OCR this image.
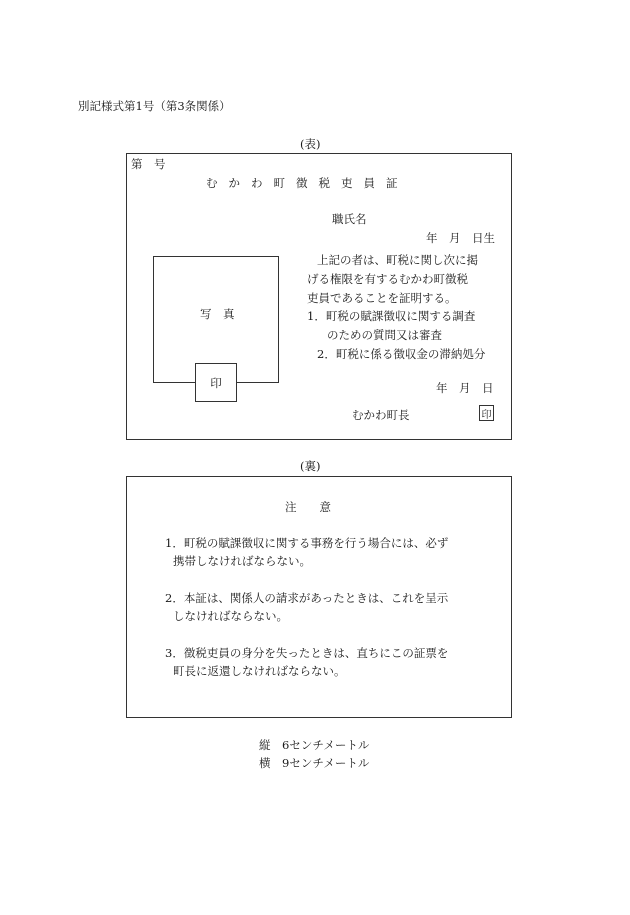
別記様式第1号（第3条関係）
(表)
第　号
むかわ町徴税吏員証
職氏名
年　月　日生
写　真
印
上記の者は、町税に関し次に掲
げる権限を有するむかわ町徴税
吏員であることを証明する。
1．町税の賦課徴収に関する調査
のための質問又は審査
2．町税に係る徴収金の滞納処分
年　月　日
むかわ町長	印
(裏)
注　　意
1．町税の賦課徴収に関する事務を行う場合には、必ず
携帯しなければならない。
2．本証は、関係人の請求があったときは、これを呈示
しなければならない。
3．徴税吏員の身分を失ったときは、直ちにこの証票を
町長に返還しなければならない。
縦　6センチメートル
横　9センチメートル
